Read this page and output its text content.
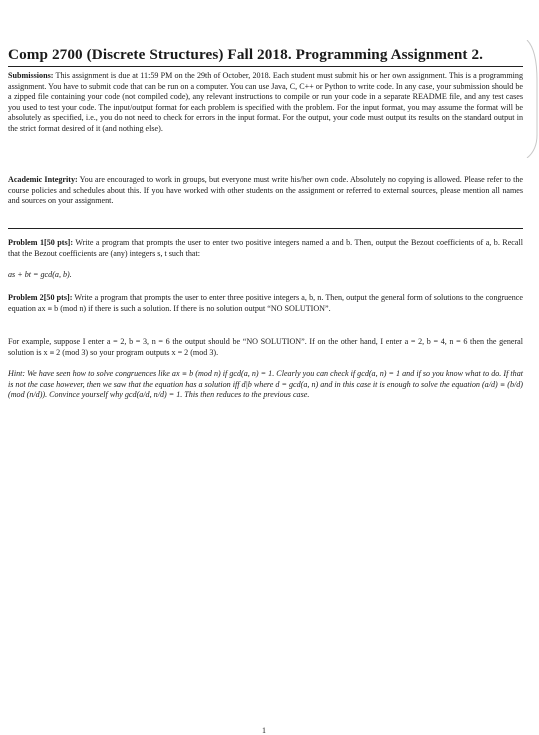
Comp 2700 (Discrete Structures) Fall 2018. Programming Assignment 2.
Submissions: This assignment is due at 11:59 PM on the 29th of October, 2018. Each student must submit his or her own assignment. This is a programming assignment. You have to submit code that can be run on a computer. You can use Java, C, C++ or Python to write code. In any case, your submission should be a zipped file containing your code (not compiled code), any relevant instructions to compile or run your code in a separate README file, and any test cases you used to test your code. The input/output format for each problem is specified with the problem. For the input format, you may assume the format will be absolutely as specified, i.e., you do not need to check for errors in the input format. For the output, your code must output its results on the standard output in the strict format desired of it (and nothing else).
Academic Integrity: You are encouraged to work in groups, but everyone must write his/her own code. Absolutely no copying is allowed. Please refer to the course policies and schedules about this. If you have worked with other students on the assignment or referred to external sources, please mention all names and sources on your assignment.
Problem 1[50 pts]: Write a program that prompts the user to enter two positive integers named a and b. Then, output the Bezout coefficients of a, b. Recall that the Bezout coefficients are (any) integers s, t such that:
as + bt = gcd(a, b).
Problem 2[50 pts]: Write a program that prompts the user to enter three positive integers a, b, n. Then, output the general form of solutions to the congruence equation ax ≡ b (mod n) if there is such a solution. If there is no solution output “NO SOLUTION”.
For example, suppose I enter a = 2, b = 3, n = 6 the output should be “NO SOLUTION”. If on the other hand, I enter a = 2, b = 4, n = 6 then the general solution is x ≡ 2 (mod 3) so your program outputs x = 2 (mod 3).
Hint: We have seen how to solve congruences like ax ≡ b (mod n) if gcd(a, n) = 1. Clearly you can check if gcd(a, n) = 1 and if so you know what to do. If that is not the case however, then we saw that the equation has a solution iff d|b where d = gcd(a, n) and in this case it is enough to solve the equation (a/d) ≡ (b/d) (mod (n/d)). Convince yourself why gcd(a/d, n/d) = 1. This then reduces to the previous case.
1
